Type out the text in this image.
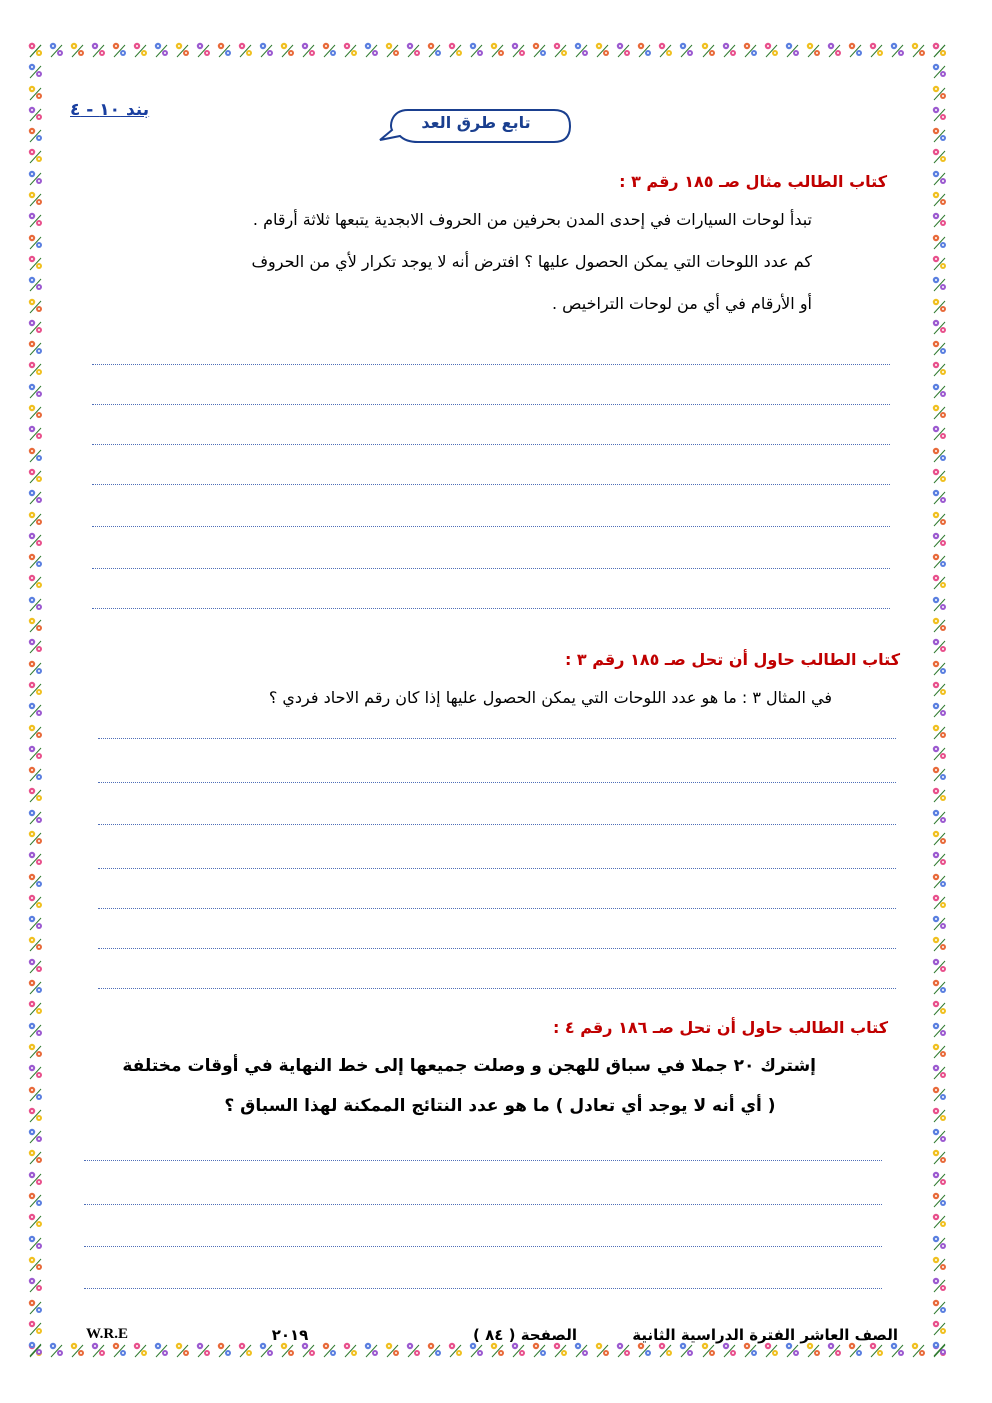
بند ١٠ - ٤
تابع طرق العد
كتاب الطالب مثال صـ ١٨٥ رقم ٣ :
تبدأ لوحات السيارات في إحدى المدن بحرفين من الحروف الابجدية يتبعها ثلاثة أرقام .
كم عدد اللوحات التي يمكن الحصول عليها ؟ افترض أنه لا يوجد تكرار لأي من الحروف
أو الأرقام في أي من لوحات التراخيص .
كتاب الطالب حاول أن تحل صـ ١٨٥ رقم ٣ :
في المثال ٣ : ما هو عدد اللوحات التي يمكن الحصول عليها إذا كان رقم الاحاد فردي ؟
كتاب الطالب حاول أن تحل صـ ١٨٦ رقم ٤ :
إشترك ٢٠ جملا في سباق للهجن و وصلت جميعها إلى خط النهاية في أوقات مختلفة
( أي أنه لا يوجد أي تعادل ) ما هو عدد النتائج الممكنة لهذا السباق ؟
الصف العاشر الفترة الدراسية الثانية
الصفحة ( ٨٤ )
٢٠١٩
W.R.E
